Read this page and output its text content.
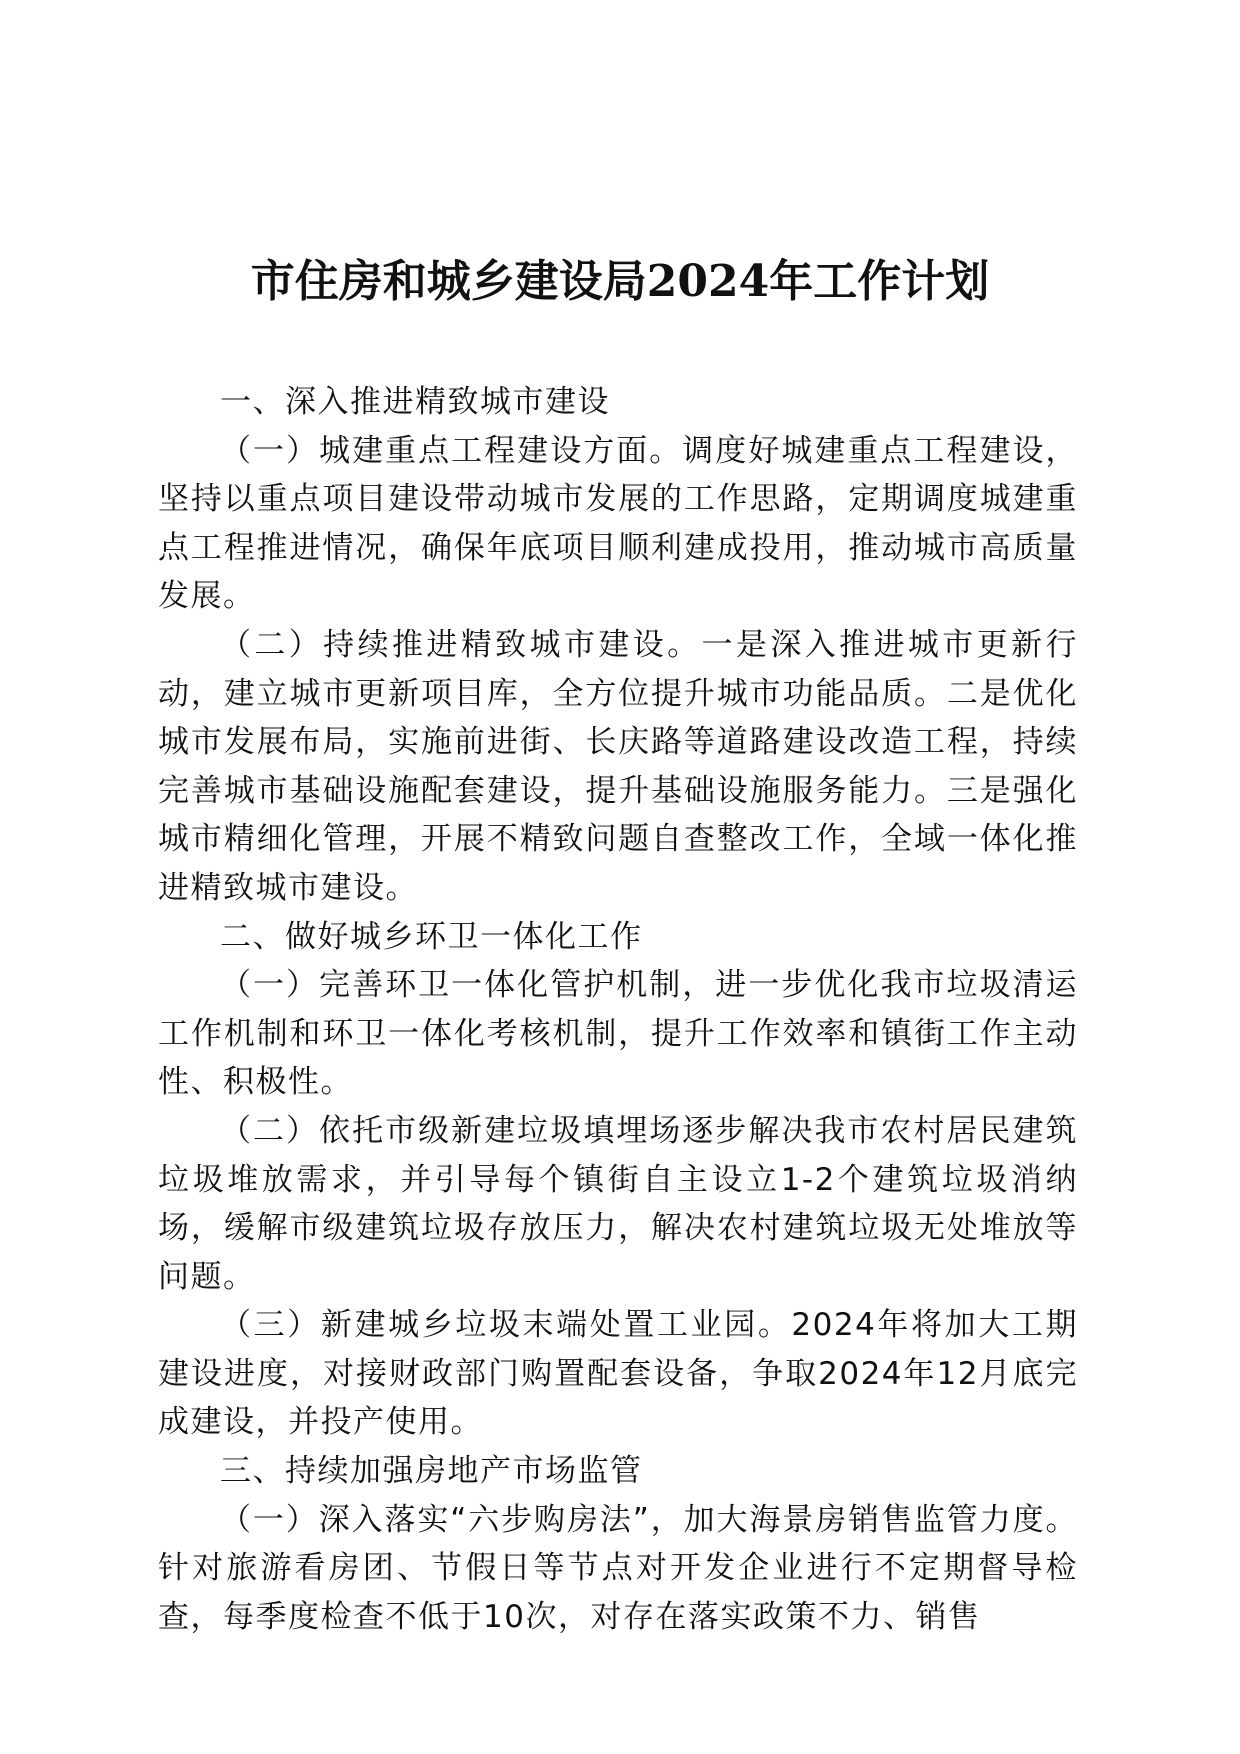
市住房和城乡建设局2024年工作计划

一、深入推进精致城市建设

（一）城建重点工程建设方面。调度好城建重点工程建设，坚持以重点项目建设带动城市发展的工作思路，定期调度城建重点工程推进情况，确保年底项目顺利建成投用，推动城市高质量发展。

（二）持续推进精致城市建设。一是深入推进城市更新行动，建立城市更新项目库，全方位提升城市功能品质。二是优化城市发展布局，实施前进街、长庆路等道路建设改造工程，持续完善城市基础设施配套建设，提升基础设施服务能力。三是强化城市精细化管理，开展不精致问题自查整改工作，全域一体化推进精致城市建设。

二、做好城乡环卫一体化工作

（一）完善环卫一体化管护机制，进一步优化我市垃圾清运工作机制和环卫一体化考核机制，提升工作效率和镇街工作主动性、积极性。

（二）依托市级新建垃圾填埋场逐步解决我市农村居民建筑垃圾堆放需求，并引导每个镇街自主设立1-2个建筑垃圾消纳场，缓解市级建筑垃圾存放压力，解决农村建筑垃圾无处堆放等问题。

（三）新建城乡垃圾末端处置工业园。2024年将加大工期建设进度，对接财政部门购置配套设备，争取2024年12月底完成建设，并投产使用。

三、持续加强房地产市场监管

（一）深入落实“六步购房法”，加大海景房销售监管力度。针对旅游看房团、节假日等节点对开发企业进行不定期督导检查，每季度检查不低于10次，对存在落实政策不力、销售
